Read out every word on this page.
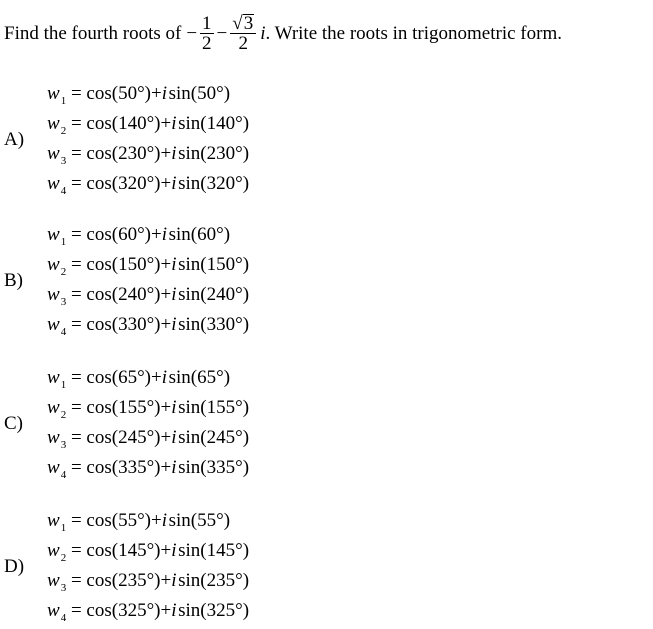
Find the fourth roots of − $\frac{1}{2} - \frac{√3}{2}$ i . Write the roots in trigonometric form.
A)
$w_1 = \cos(50^\circ)+i$ sin(50°)
$w_2 = \cos(140^\circ)+i$ sin(140°)
$w_3 = \cos(230^\circ)+i$ sin(230°)
$w_4 = \cos(320^\circ)+i$ sin(320°)
B)
$w_1 = \cos(60^\circ)+i$ sin(60°)
$w_2 = \cos(150^\circ)+i$ sin(150°)
$w_3 = \cos(240^\circ)+i$ sin(240°)
$w_4 = \cos(330^\circ)+i$ sin(330°)
C)
$w_1 = \cos(65^\circ)+i$ sin(65°)
$w_2 = \cos(155^\circ)+i$ sin(155°)
$w_3 = \cos(245^\circ)+i$ sin(245°)
$w_4 = \cos(335^\circ)+i$ sin(335°)
D)
$w_1 = \cos(55^\circ)+i$ sin(55°)
$w_2 = \cos(145^\circ)+i$ sin(145°)
$w_3 = \cos(235^\circ)+i$ sin(235°)
$w_4 = \cos(325^\circ)+i$ sin(325°)
